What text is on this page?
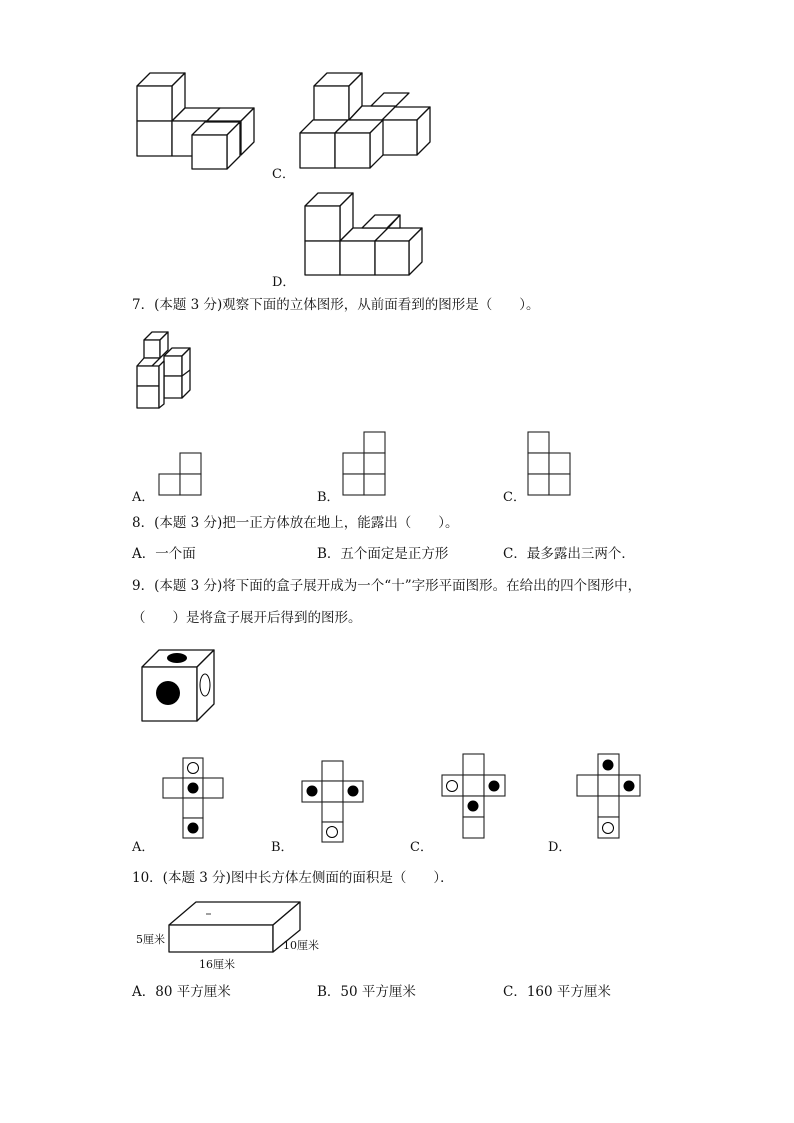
C．
D．
7．(本题 3 分)观察下面的立体图形，从前面看到的图形是（　　）。
A．	B．	C．
8．(本题 3 分)把一正方体放在地上，能露出（　　）。
A．一个面	B．五个面定是正方形	C．最多露出三两个．
9．(本题 3 分)将下面的盒子展开成为一个“十”字形平面图形。在给出的四个图形中，
（　　）是将盒子展开后得到的图形。
A．	B．	C．	D．
10．(本题 3 分)图中长方体左侧面的面积是（　　）．
5厘米
16厘米
10厘米
A．80 平方厘米	B．50 平方厘米	C．160 平方厘米
